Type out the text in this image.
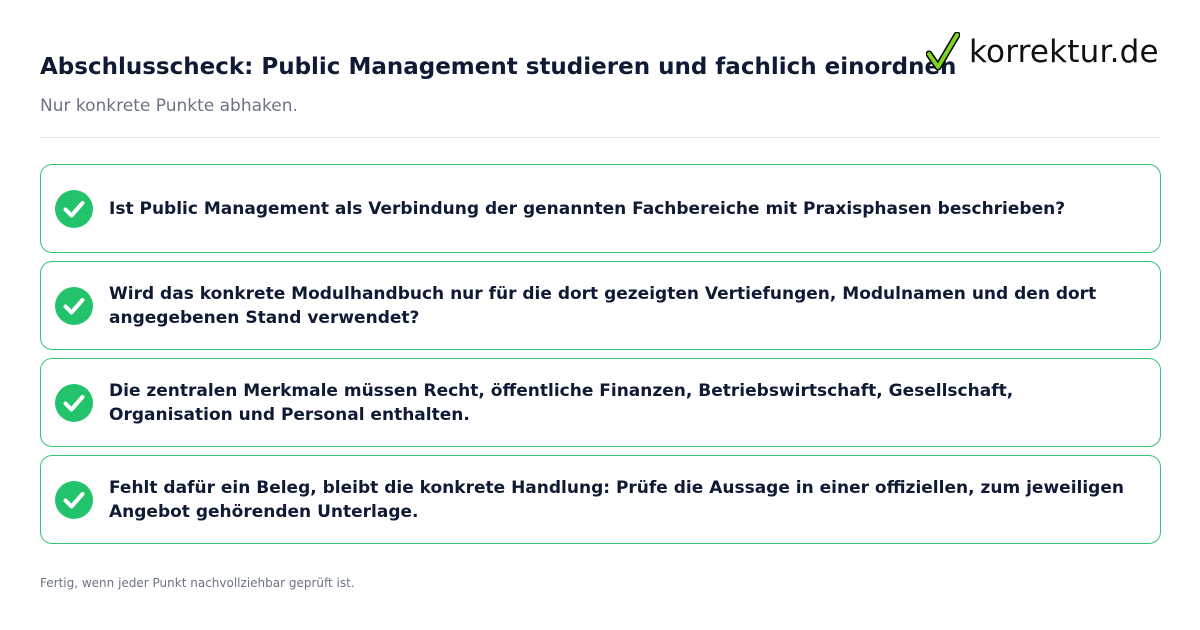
Abschlusscheck: Public Management studieren und fachlich einordnen

Nur konkrete Punkte abhaken.

korrektur.de
Ist Public Management als Verbindung der genannten Fachbereiche mit Praxisphasen beschrieben?
Wird das konkrete Modulhandbuch nur für die dort gezeigten Vertiefungen, Modulnamen und den dort angegebenen Stand verwendet?
Die zentralen Merkmale müssen Recht, öffentliche Finanzen, Betriebswirtschaft, Gesellschaft, Organisation und Personal enthalten.
Fehlt dafür ein Beleg, bleibt die konkrete Handlung: Prüfe die Aussage in einer offiziellen, zum jeweiligen Angebot gehörenden Unterlage.

Fertig, wenn jeder Punkt nachvollziehbar geprüft ist.
